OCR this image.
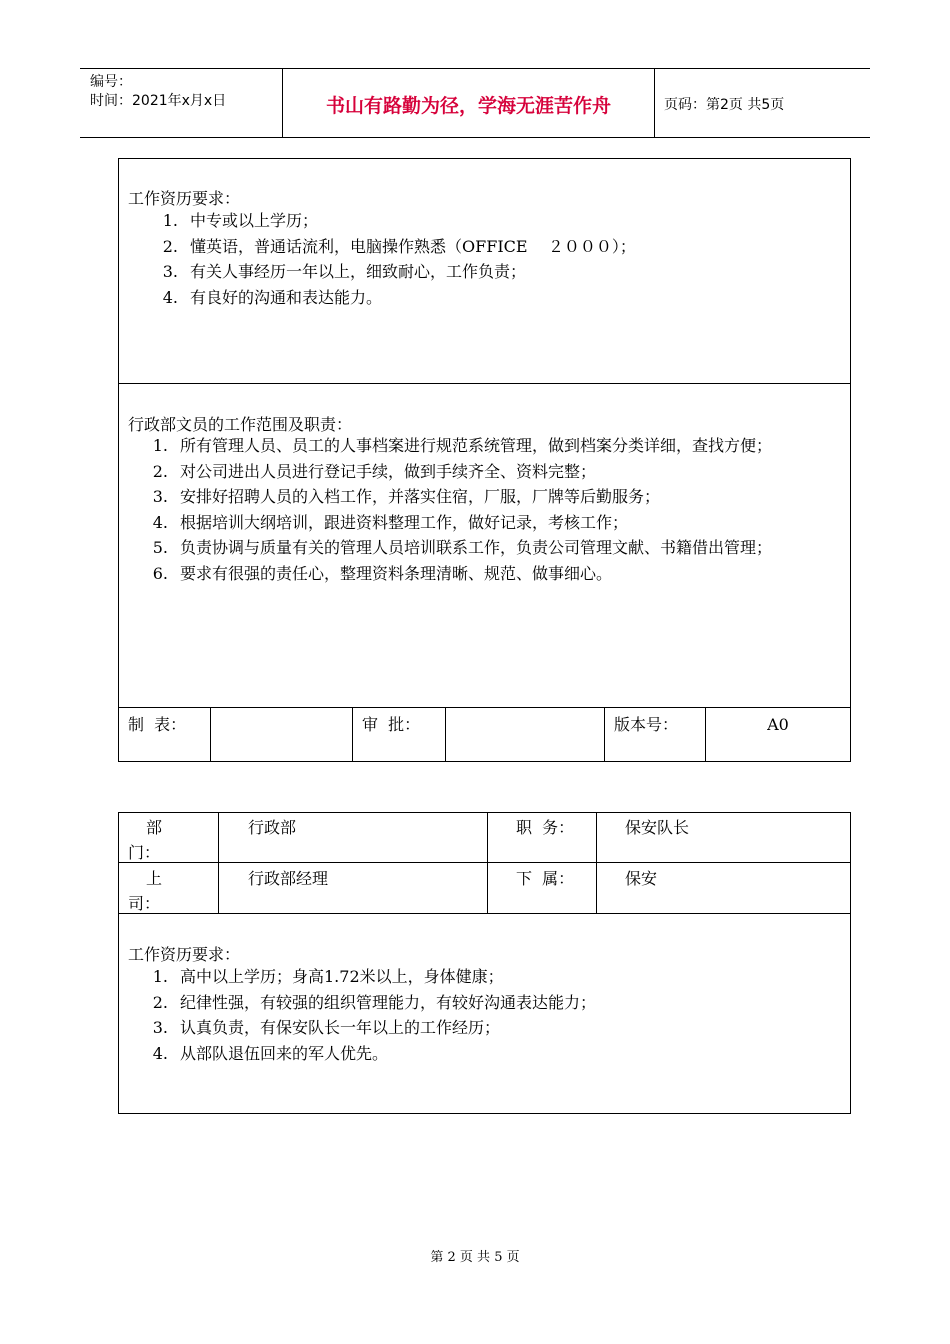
编号：
时间：2021年x月x日	书山有路勤为径，学海无涯苦作舟	页码：第2页 共5页
工作资历要求：
1. 中专或以上学历；
2. 懂英语，普通话流利，电脑操作熟悉（OFFICE    ２０００）；
3. 有关人事经历一年以上，细致耐心，工作负责；
4. 有良好的沟通和表达能力。
行政部文员的工作范围及职责：
1. 所有管理人员、员工的人事档案进行规范系统管理，做到档案分类详细，查找方便；
2. 对公司进出人员进行登记手续，做到手续齐全、资料完整；
3. 安排好招聘人员的入档工作，并落实住宿，厂服，厂牌等后勤服务；
4. 根据培训大纲培训，跟进资料整理工作，做好记录，考核工作；
5. 负责协调与质量有关的管理人员培训联系工作，负责公司管理文献、书籍借出管理；
6. 要求有很强的责任心，整理资料条理清晰、规范、做事细心。
制  表：	审  批：	版本号：	A0
部
门：
行政部	职  务：	保安队长
上
司：
行政部经理	下  属：	保安
工作资历要求：
1. 高中以上学历；身高1.72米以上，身体健康；
2. 纪律性强，有较强的组织管理能力，有较好沟通表达能力；
3. 认真负责，有保安队长一年以上的工作经历；
4. 从部队退伍回来的军人优先。
第 2 页 共 5 页
